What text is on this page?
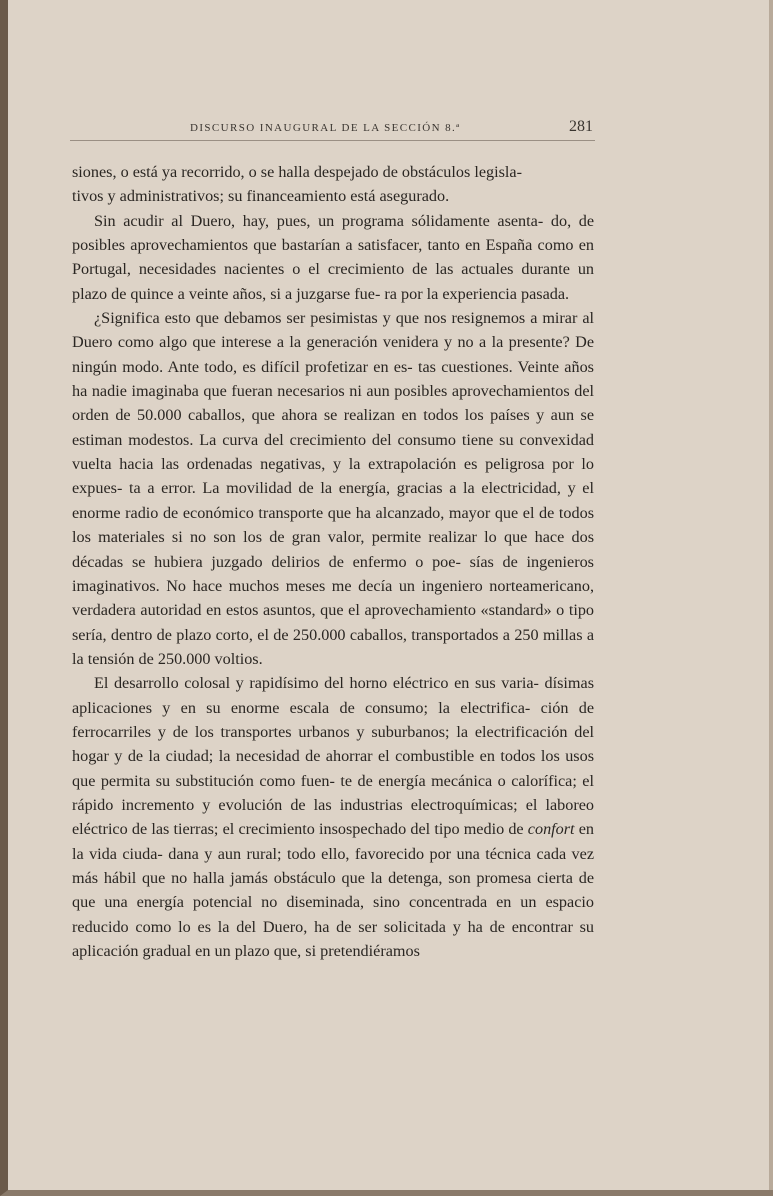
DISCURSO INAUGURAL DE LA SECCIÓN 8.ª	281

siones, o está ya recorrido, o se halla despejado de obstáculos legisla-
tivos y administrativos; su financeamiento está asegurado.

Sin acudir al Duero, hay, pues, un programa sólidamente asenta- do, de posibles aprovechamientos que bastarían a satisfacer, tanto en España como en Portugal, necesidades nacientes o el crecimiento de las actuales durante un plazo de quince a veinte años, si a juzgarse fue- ra por la experiencia pasada.

¿Significa esto que debamos ser pesimistas y que nos resignemos a mirar al Duero como algo que interese a la generación venidera y no a la presente? De ningún modo. Ante todo, es difícil profetizar en es- tas cuestiones. Veinte años ha nadie imaginaba que fueran necesarios ni aun posibles aprovechamientos del orden de 50.000 caballos, que ahora se realizan en todos los países y aun se estiman modestos. La curva del crecimiento del consumo tiene su convexidad vuelta hacia las ordenadas negativas, y la extrapolación es peligrosa por lo expues- ta a error. La movilidad de la energía, gracias a la electricidad, y el enorme radio de económico transporte que ha alcanzado, mayor que el de todos los materiales si no son los de gran valor, permite realizar lo que hace dos décadas se hubiera juzgado delirios de enfermo o poe- sías de ingenieros imaginativos. No hace muchos meses me decía un ingeniero norteamericano, verdadera autoridad en estos asuntos, que el aprovechamiento «standard» o tipo sería, dentro de plazo corto, el de 250.000 caballos, transportados a 250 millas a la tensión de 250.000 voltios.

El desarrollo colosal y rapidísimo del horno eléctrico en sus varia- dísimas aplicaciones y en su enorme escala de consumo; la electrifica- ción de ferrocarriles y de los transportes urbanos y suburbanos; la electrificación del hogar y de la ciudad; la necesidad de ahorrar el combustible en todos los usos que permita su substitución como fuen- te de energía mecánica o calorífica; el rápido incremento y evolución de las industrias electroquímicas; el laboreo eléctrico de las tierras; el crecimiento insospechado del tipo medio de confort en la vida ciuda- dana y aun rural; todo ello, favorecido por una técnica cada vez más hábil que no halla jamás obstáculo que la detenga, son promesa cierta de que una energía potencial no diseminada, sino concentrada en un espacio reducido como lo es la del Duero, ha de ser solicitada y ha de encontrar su aplicación gradual en un plazo que, si pretendiéramos
